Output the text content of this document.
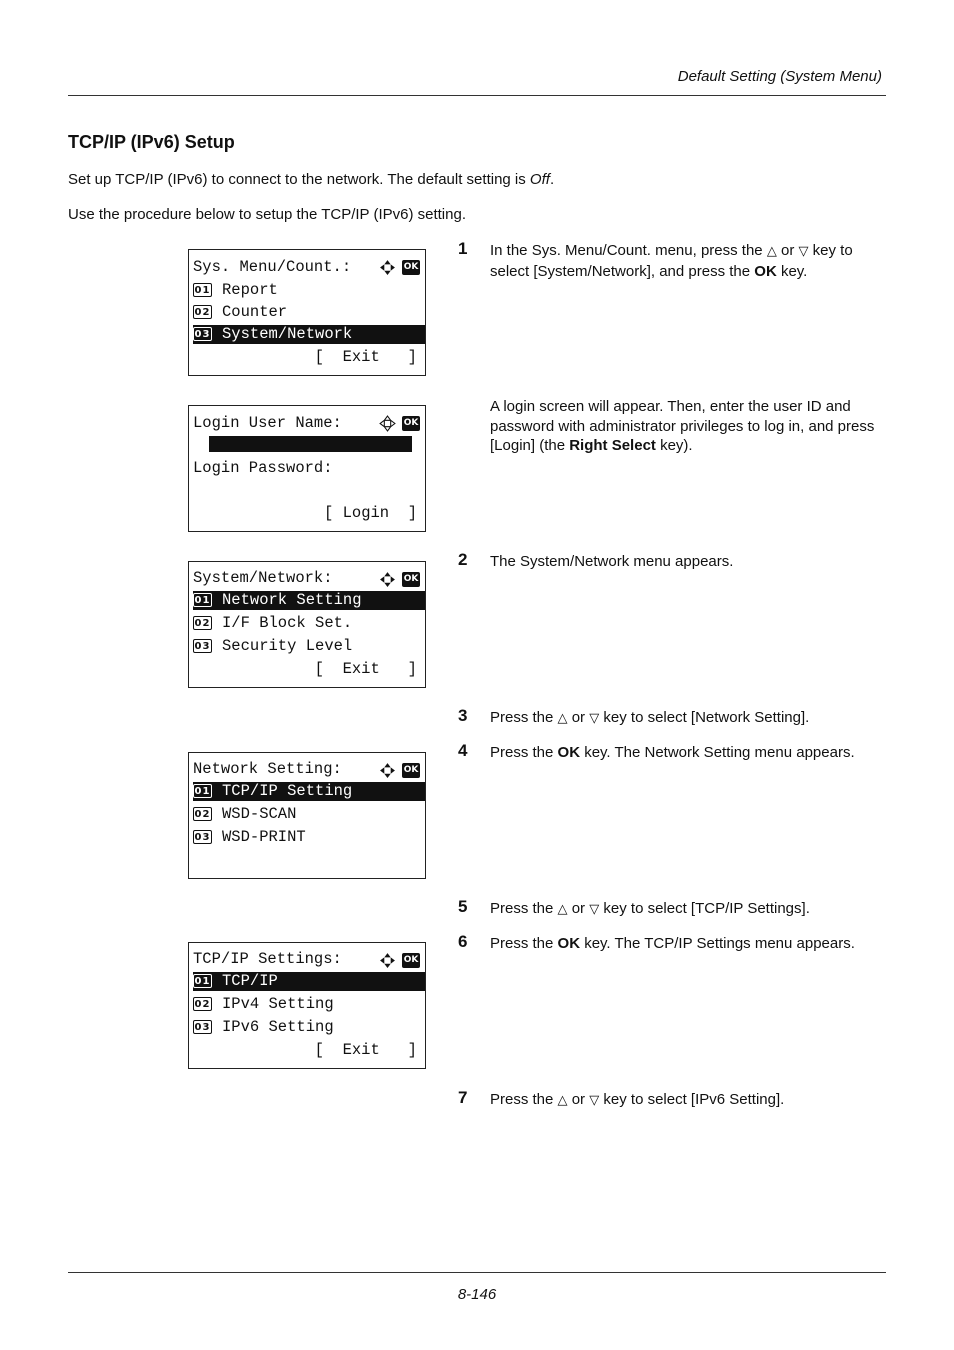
Default Setting (System Menu)
TCP/IP (IPv6) Setup
Set up TCP/IP (IPv6) to connect to the network. The default setting is Off.
Use the procedure below to setup the TCP/IP (IPv6) setting.
Sys. Menu/Count.:	OK
01 Report
02 Counter
03 System/Network
[  Exit   ]
Login User Name:	OK
Login Password:
[ Login  ]
System/Network:	OK
01 Network Setting
02 I/F Block Set.
03 Security Level
[  Exit   ]
Network Setting:	OK
01 TCP/IP Setting
02 WSD-SCAN
03 WSD-PRINT
TCP/IP Settings:	OK
01 TCP/IP
02 IPv4 Setting
03 IPv6 Setting
[  Exit   ]
1 In the Sys. Menu/Count. menu, press the △ or ▽ key to select [System/Network], and press the OK key.
A login screen will appear. Then, enter the user ID and password with administrator privileges to log in, and press [Login] (the Right Select key).
2 The System/Network menu appears.
3 Press the △ or ▽ key to select [Network Setting].
4 Press the OK key. The Network Setting menu appears.
5 Press the △ or ▽ key to select [TCP/IP Settings].
6 Press the OK key. The TCP/IP Settings menu appears.
7 Press the △ or ▽ key to select [IPv6 Setting].
8-146
